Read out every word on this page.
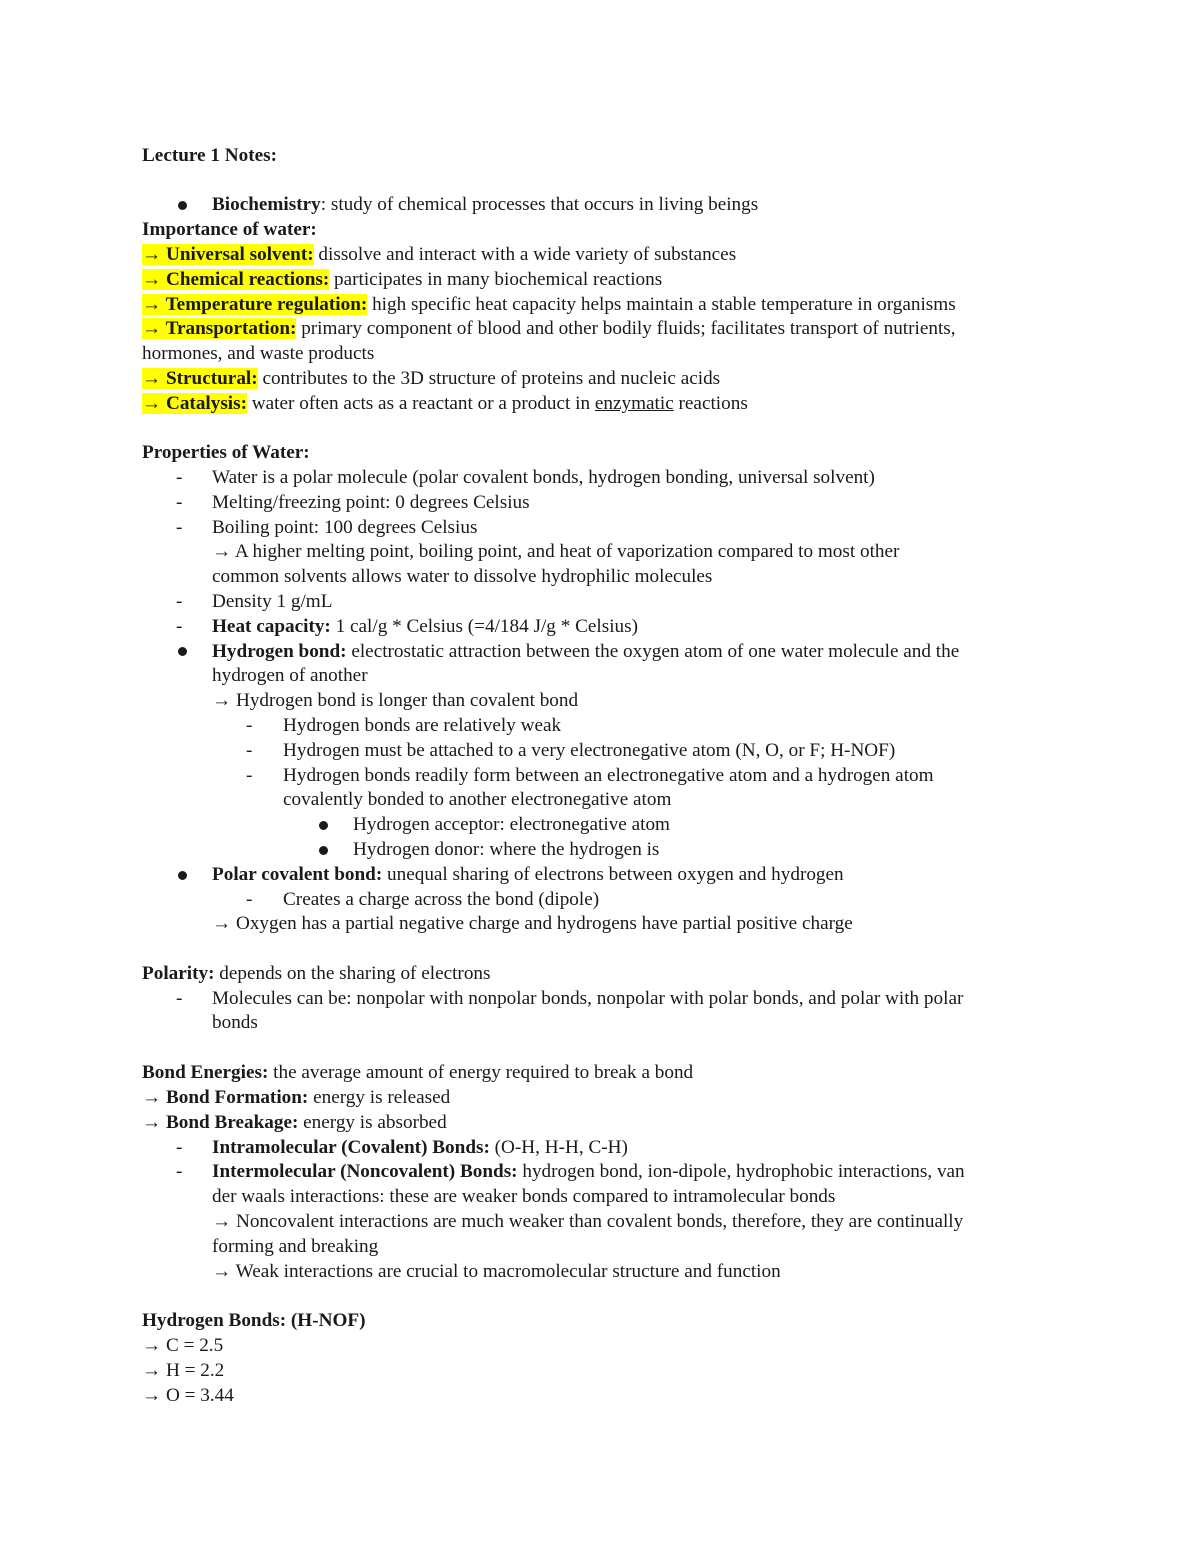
Lecture 1 Notes:
Biochemistry: study of chemical processes that occurs in living beings
Importance of water:
→ Universal solvent: dissolve and interact with a wide variety of substances
→ Chemical reactions: participates in many biochemical reactions
→ Temperature regulation: high specific heat capacity helps maintain a stable temperature in organisms
→ Transportation: primary component of blood and other bodily fluids; facilitates transport of nutrients,
hormones, and waste products
→ Structural: contributes to the 3D structure of proteins and nucleic acids
→ Catalysis: water often acts as a reactant or a product in enzymatic reactions
Properties of Water:
- Water is a polar molecule (polar covalent bonds, hydrogen bonding, universal solvent)
- Melting/freezing point: 0 degrees Celsius
- Boiling point: 100 degrees Celsius
→ A higher melting point, boiling point, and heat of vaporization compared to most other
common solvents allows water to dissolve hydrophilic molecules
- Density 1 g/mL
- Heat capacity: 1 cal/g * Celsius (=4/184 J/g * Celsius)
Hydrogen bond: electrostatic attraction between the oxygen atom of one water molecule and the
hydrogen of another
→ Hydrogen bond is longer than covalent bond
- Hydrogen bonds are relatively weak
- Hydrogen must be attached to a very electronegative atom (N, O, or F; H-NOF)
- Hydrogen bonds readily form between an electronegative atom and a hydrogen atom
covalently bonded to another electronegative atom
Hydrogen acceptor: electronegative atom
Hydrogen donor: where the hydrogen is
Polar covalent bond: unequal sharing of electrons between oxygen and hydrogen
- Creates a charge across the bond (dipole)
→ Oxygen has a partial negative charge and hydrogens have partial positive charge
Polarity: depends on the sharing of electrons
- Molecules can be: nonpolar with nonpolar bonds, nonpolar with polar bonds, and polar with polar
bonds
Bond Energies: the average amount of energy required to break a bond
→ Bond Formation: energy is released
→ Bond Breakage: energy is absorbed
- Intramolecular (Covalent) Bonds: (O-H, H-H, C-H)
- Intermolecular (Noncovalent) Bonds: hydrogen bond, ion-dipole, hydrophobic interactions, van
der waals interactions: these are weaker bonds compared to intramolecular bonds
→ Noncovalent interactions are much weaker than covalent bonds, therefore, they are continually
forming and breaking
→ Weak interactions are crucial to macromolecular structure and function
Hydrogen Bonds: (H-NOF)
→ C = 2.5
→ H = 2.2
→ O = 3.44
